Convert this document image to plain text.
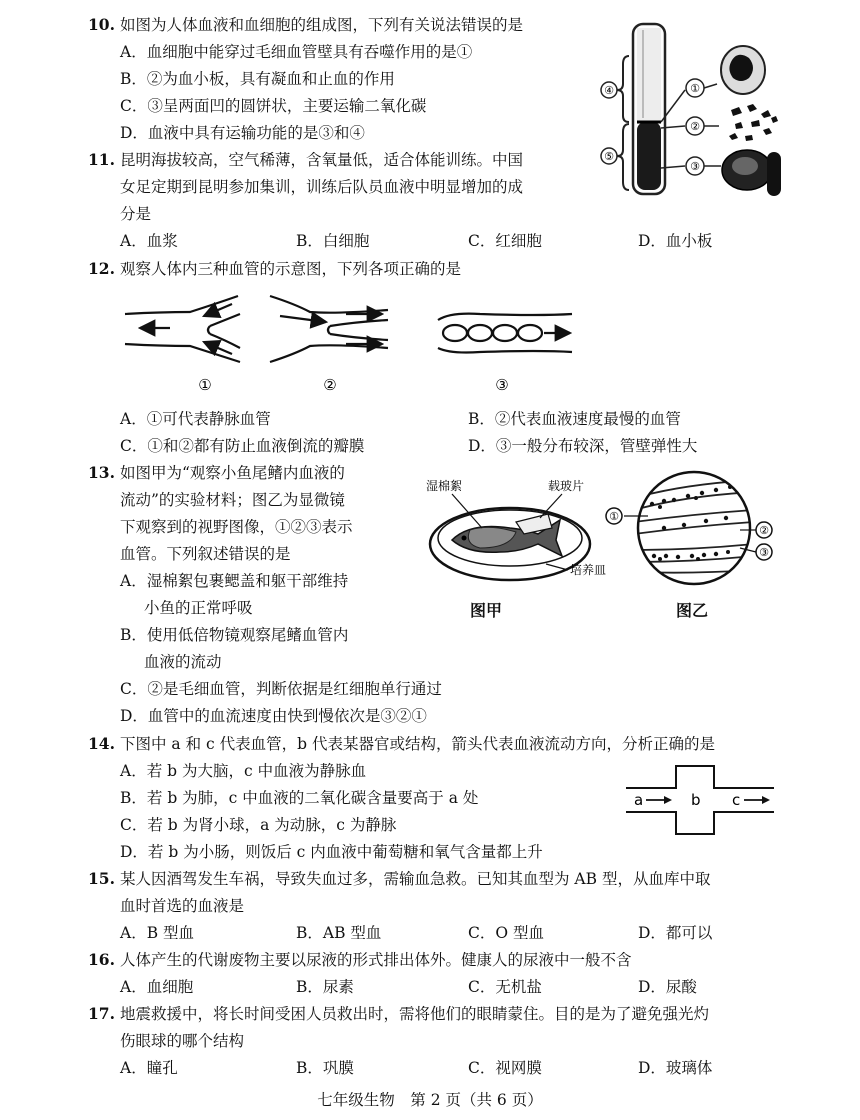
10. 如图为人体血液和血细胞的组成图，下列有关说法错误的是
A．血细胞中能穿过毛细血管壁具有吞噬作用的是①
B．②为血小板，具有凝血和止血的作用
C．③呈两面凹的圆饼状，主要运输二氧化碳
D．血液中具有运输功能的是③和④
④
⑤
①
②
③
11. 昆明海拔较高，空气稀薄，含氧量低，适合体能训练。中国
女足定期到昆明参加集训，训练后队员血液中明显增加的成
分是
A．血浆	B．白细胞	C．红细胞	D．血小板
12. 观察人体内三种血管的示意图，下列各项正确的是
①	②	③
A．①可代表静脉血管	B．②代表血液速度最慢的血管
C．①和②都有防止血液倒流的瓣膜	D．③一般分布较深，管壁弹性大
13. 如图甲为“观察小鱼尾鳍内血液的
流动”的实验材料；图乙为显微镜
下观察到的视野图像，①②③表示
血管。下列叙述错误的是
A．湿棉絮包裹鳃盖和躯干部维持
小鱼的正常呼吸
B．使用低倍物镜观察尾鳍血管内
血液的流动
C．②是毛细血管，判断依据是红细胞单行通过
D．血管中的血流速度由快到慢依次是③②①
湿棉絮	载玻片
培养皿
图甲
①
②
③
图乙
14. 下图中 a 和 c 代表血管，b 代表某器官或结构，箭头代表血液流动方向，分析正确的是
A．若 b 为大脑，c 中血液为静脉血
B．若 b 为肺，c 中血液的二氧化碳含量要高于 a 处
C．若 b 为肾小球，a 为动脉，c 为静脉
D．若 b 为小肠，则饭后 c 内血液中葡萄糖和氧气含量都上升
a	b c
15. 某人因酒驾发生车祸，导致失血过多，需输血急救。已知其血型为 AB 型，从血库中取
血时首选的血液是
A．B 型血	B．AB 型血	C．O 型血	D．都可以
16. 人体产生的代谢废物主要以尿液的形式排出体外。健康人的尿液中一般不含
A．血细胞	B．尿素	C．无机盐	D．尿酸
17. 地震救援中，将长时间受困人员救出时，需将他们的眼睛蒙住。目的是为了避免强光灼
伤眼球的哪个结构
A．瞳孔	B．巩膜	C．视网膜	D．玻璃体
七年级生物　第 2 页（共 6 页）
